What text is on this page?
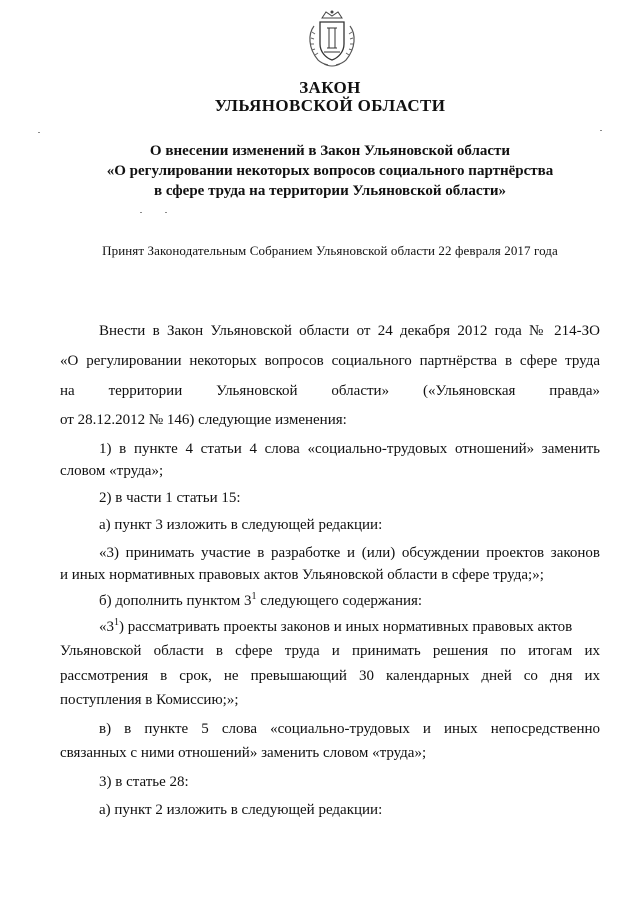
ЗАКОН
УЛЬЯНОВСКОЙ ОБЛАСТИ
О внесении изменений в Закон Ульяновской области
«О регулировании некоторых вопросов социального партнёрства
в сфере труда на территории Ульяновской области»
Принят Законодательным Собранием Ульяновской области 22 февраля 2017 года
Внести в Закон Ульяновской области от 24 декабря 2012 года № 214-ЗО
«О регулировании некоторых вопросов социального партнёрства в сфере труда
на территории Ульяновской области» («Ульяновская правда»
от 28.12.2012 № 146) следующие изменения:
1) в пункте 4 статьи 4 слова «социально-трудовых отношений» заменить
словом «труда»;
2) в части 1 статьи 15:
а) пункт 3 изложить в следующей редакции:
«3) принимать участие в разработке и (или) обсуждении проектов законов
и иных нормативных правовых актов Ульяновской области в сфере труда;»;
б) дополнить пунктом $3^1$ следующего содержания:
«$3^1$) рассматривать проекты законов и иных нормативных правовых актов
Ульяновской области в сфере труда и принимать решения по итогам их
рассмотрения в срок, не превышающий 30 календарных дней со дня их
поступления в Комиссию;»;
в) в пункте 5 слова «социально-трудовых и иных непосредственно
связанных с ними отношений» заменить словом «труда»;
3) в статье 28:
а) пункт 2 изложить в следующей редакции:
